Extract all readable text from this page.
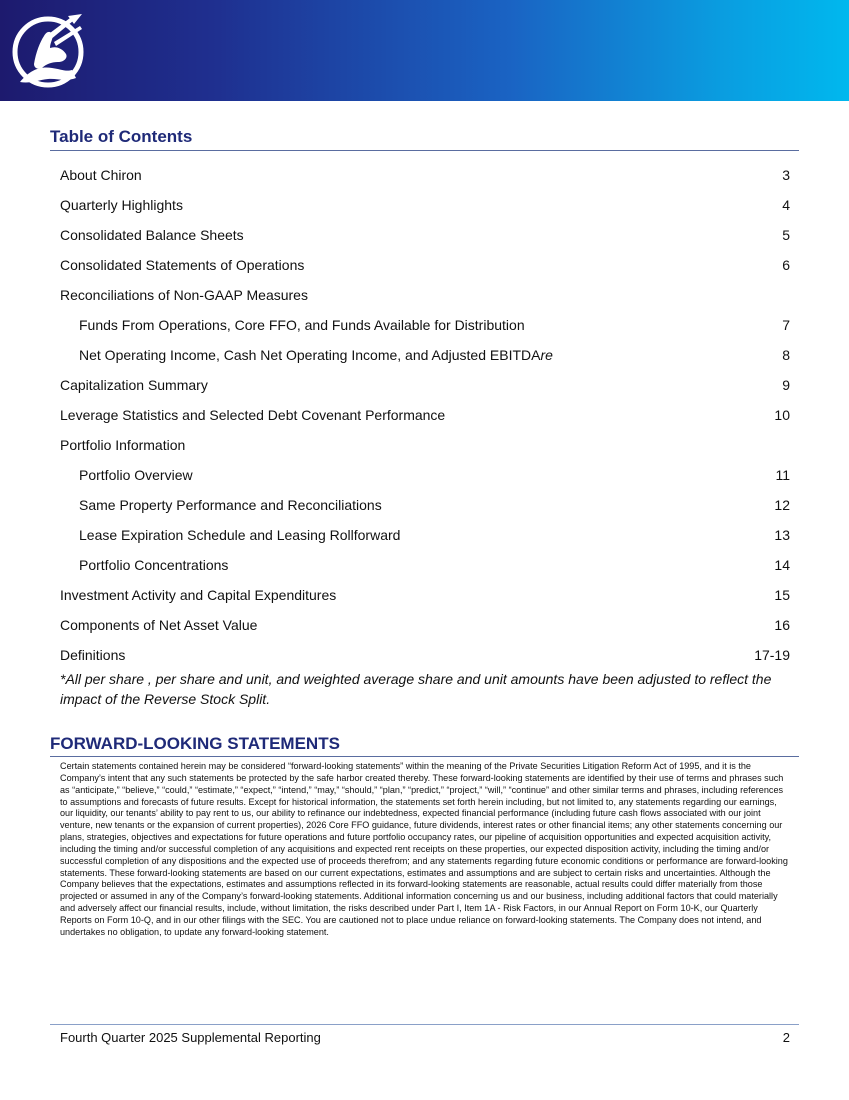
Table of Contents
About Chiron	3
Quarterly Highlights	4
Consolidated Balance Sheets	5
Consolidated Statements of Operations	6
Reconciliations of Non-GAAP Measures
Funds From Operations, Core FFO, and Funds Available for Distribution	7
Net Operating Income, Cash Net Operating Income, and Adjusted EBITDAre	8
Capitalization Summary	9
Leverage Statistics and Selected Debt Covenant Performance	10
Portfolio Information
Portfolio Overview	11
Same Property Performance and Reconciliations	12
Lease Expiration Schedule and Leasing Rollforward	13
Portfolio Concentrations	14
Investment Activity and Capital Expenditures	15
Components of Net Asset Value	16
Definitions	17-19
*All per share , per share and unit, and weighted average share and unit amounts have been adjusted to reflect the impact of the Reverse Stock Split.
FORWARD-LOOKING STATEMENTS
Certain statements contained herein may be considered “forward-looking statements” within the meaning of the Private Securities Litigation Reform Act of 1995, and it is the Company’s intent that any such statements be protected by the safe harbor created thereby. These forward-looking statements are identified by their use of terms and phrases such as “anticipate,” “believe,” “could,” “estimate,” “expect,” “intend,” “may,” “should,” “plan,” “predict,” “project,” “will,” “continue” and other similar terms and phrases, including references to assumptions and forecasts of future results. Except for historical information, the statements set forth herein including, but not limited to, any statements regarding our earnings, our liquidity, our tenants’ ability to pay rent to us, our ability to refinance our indebtedness, expected financial performance (including future cash flows associated with our joint venture, new tenants or the expansion of current properties), 2026 Core FFO guidance, future dividends, interest rates or other financial items; any other statements concerning our plans, strategies, objectives and expectations for future operations and future portfolio occupancy rates, our pipeline of acquisition opportunities and expected acquisition activity, including the timing and/or successful completion of any acquisitions and expected rent receipts on these properties, our expected disposition activity, including the timing and/or successful completion of any dispositions and the expected use of proceeds therefrom; and any statements regarding future economic conditions or performance are forward-looking statements. These forward-looking statements are based on our current expectations, estimates and assumptions and are subject to certain risks and uncertainties. Although the Company believes that the expectations, estimates and assumptions reflected in its forward-looking statements are reasonable, actual results could differ materially from those projected or assumed in any of the Company’s forward-looking statements. Additional information concerning us and our business, including additional factors that could materially and adversely affect our financial results, include, without limitation, the risks described under Part I, Item 1A - Risk Factors, in our Annual Report on Form 10-K, our Quarterly Reports on Form 10-Q, and in our other filings with the SEC. You are cautioned not to place undue reliance on forward-looking statements. The Company does not intend, and undertakes no obligation, to update any forward-looking statement.
Fourth Quarter 2025 Supplemental Reporting	2
